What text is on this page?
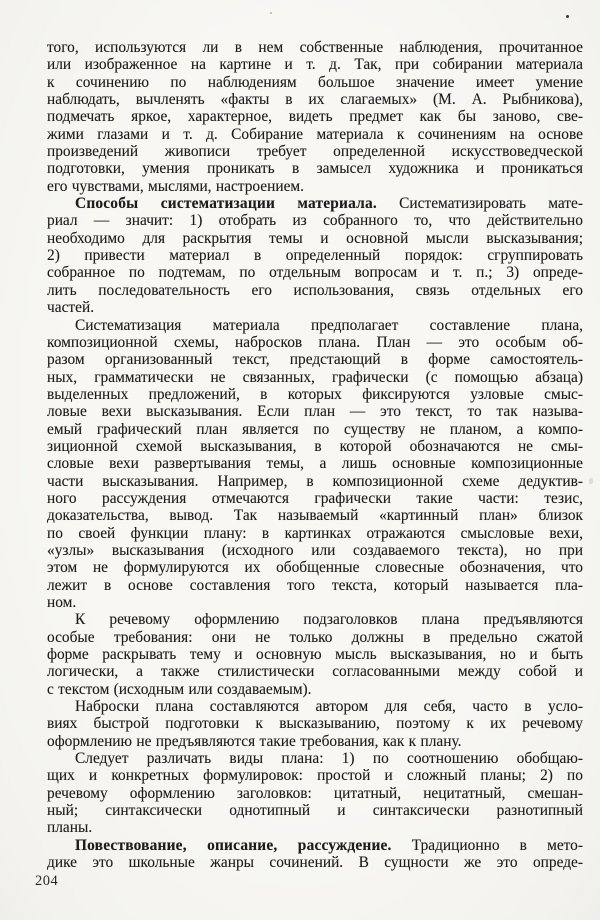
того, используются ли в нем собственные наблюдения, прочитанное
или изображенное на картине и т. д. Так, при собирании материала
к сочинению по наблюдениям большое значение имеет умение
наблюдать, вычленять «факты в их слагаемых» (М. А. Рыбникова),
подмечать яркое, характерное, видеть предмет как бы заново, све-
жими глазами и т. д. Собирание материала к сочинениям на основе
произведений живописи требует определенной искусствоведческой
подготовки, умения проникать в замысел художника и проникаться
его чувствами, мыслями, настроением.
Способы систематизации материала. Систематизировать мате-
риал — значит: 1) отобрать из собранного то, что действительно
необходимо для раскрытия темы и основной мысли высказывания;
2) привести материал в определенный порядок: сгруппировать
собранное по подтемам, по отдельным вопросам и т. п.; 3) опреде-
лить последовательность его использования, связь отдельных его
частей.
Систематизация материала предполагает составление плана,
композиционной схемы, набросков плана. План — это особым об-
разом организованный текст, предстающий в форме самостоятель-
ных, грамматически не связанных, графически (с помощью абзаца)
выделенных предложений, в которых фиксируются узловые смыс-
ловые вехи высказывания. Если план — это текст, то так называ-
емый графический план является по существу не планом, а компо-
зиционной схемой высказывания, в которой обозначаются не смы-
словые вехи развертывания темы, а лишь основные композиционные
части высказывания. Например, в композиционной схеме дедуктив-
ного рассуждения отмечаются графически такие части: тезис,
доказательства, вывод. Так называемый «картинный план» близок
по своей функции плану: в картинках отражаются смысловые вехи,
«узлы» высказывания (исходного или создаваемого текста), но при
этом не формулируются их обобщенные словесные обозначения, что
лежит в основе составления того текста, который называется пла-
ном.
К речевому оформлению подзаголовков плана предъявляются
особые требования: они не только должны в предельно сжатой
форме раскрывать тему и основную мысль высказывания, но и быть
логически, а также стилистически согласованными между собой и
с текстом (исходным или создаваемым).
Наброски плана составляются автором для себя, часто в усло-
виях быстрой подготовки к высказыванию, поэтому к их речевому
оформлению не предъявляются такие требования, как к плану.
Следует различать виды плана: 1) по соотношению обобщаю-
щих и конкретных формулировок: простой и сложный планы; 2) по
речевому оформлению заголовков: цитатный, нецитатный, смешан-
ный; синтаксически однотипный и синтаксически разнотипный
планы.
Повествование, описание, рассуждение. Традиционно в мето-
дике это школьные жанры сочинений. В сущности же это опреде-
204
